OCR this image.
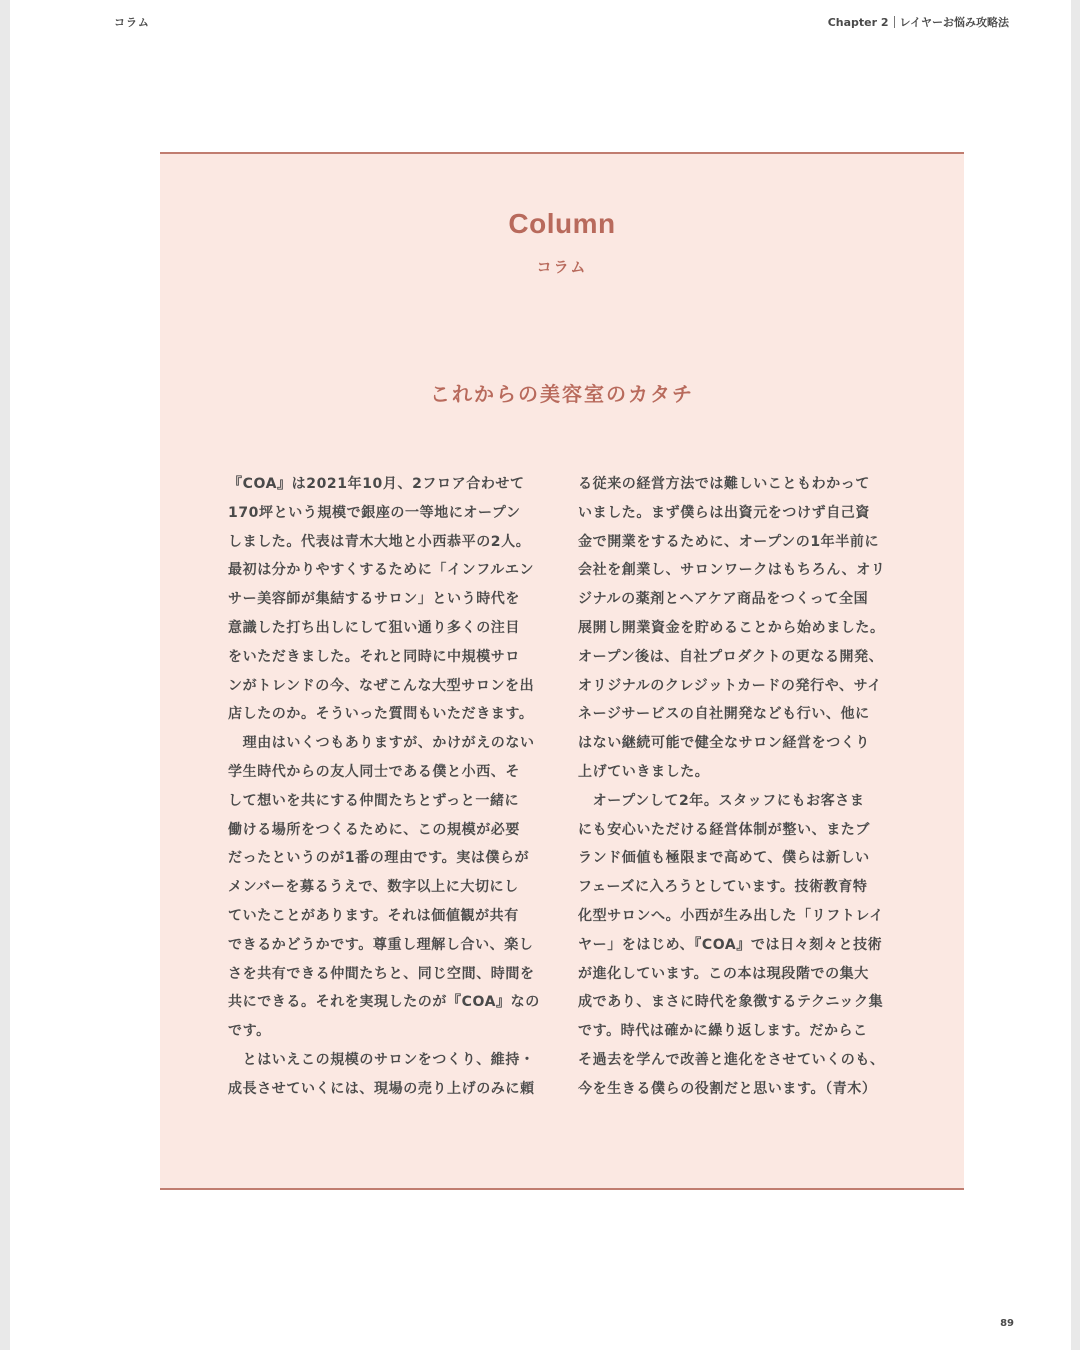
コラム	Chapter 2 レイヤーお悩み攻略法
Column
コラム
これからの美容室のカタチ
『COA』は2021年10月、2フロア合わせて
170坪という規模で銀座の一等地にオープン
しました。代表は青木大地と小西恭平の2人。
最初は分かりやすくするために「インフルエン
サー美容師が集結するサロン」という時代を
意識した打ち出しにして狙い通り多くの注目
をいただきました。それと同時に中規模サロ
ンがトレンドの今、なぜこんな大型サロンを出
店したのか。そういった質問もいただきます。
　理由はいくつもありますが、かけがえのない
学生時代からの友人同士である僕と小西、そ
して想いを共にする仲間たちとずっと一緒に
働ける場所をつくるために、この規模が必要
だったというのが1番の理由です。実は僕らが
メンバーを募るうえで、数字以上に大切にし
ていたことがあります。それは価値観が共有
できるかどうかです。尊重し理解し合い、楽し
さを共有できる仲間たちと、同じ空間、時間を
共にできる。それを実現したのが『COA』なの
です。
　とはいえこの規模のサロンをつくり、維持・
成長させていくには、現場の売り上げのみに頼
る従来の経営方法では難しいこともわかって
いました。まず僕らは出資元をつけず自己資
金で開業をするために、オープンの1年半前に
会社を創業し、サロンワークはもちろん、オリ
ジナルの薬剤とヘアケア商品をつくって全国
展開し開業資金を貯めることから始めました。
オープン後は、自社プロダクトの更なる開発、
オリジナルのクレジットカードの発行や、サイ
ネージサービスの自社開発なども行い、他に
はない継続可能で健全なサロン経営をつくり
上げていきました。
　オープンして2年。スタッフにもお客さま
にも安心いただける経営体制が整い、またブ
ランド価値も極限まで高めて、僕らは新しい
フェーズに入ろうとしています。技術教育特
化型サロンへ。小西が生み出した「リフトレイ
ヤー」をはじめ、『COA』では日々刻々と技術
が進化しています。この本は現段階での集大
成であり、まさに時代を象徴するテクニック集
です。時代は確かに繰り返します。だからこ
そ過去を学んで改善と進化をさせていくのも、
今を生きる僕らの役割だと思います。（青木）
89
